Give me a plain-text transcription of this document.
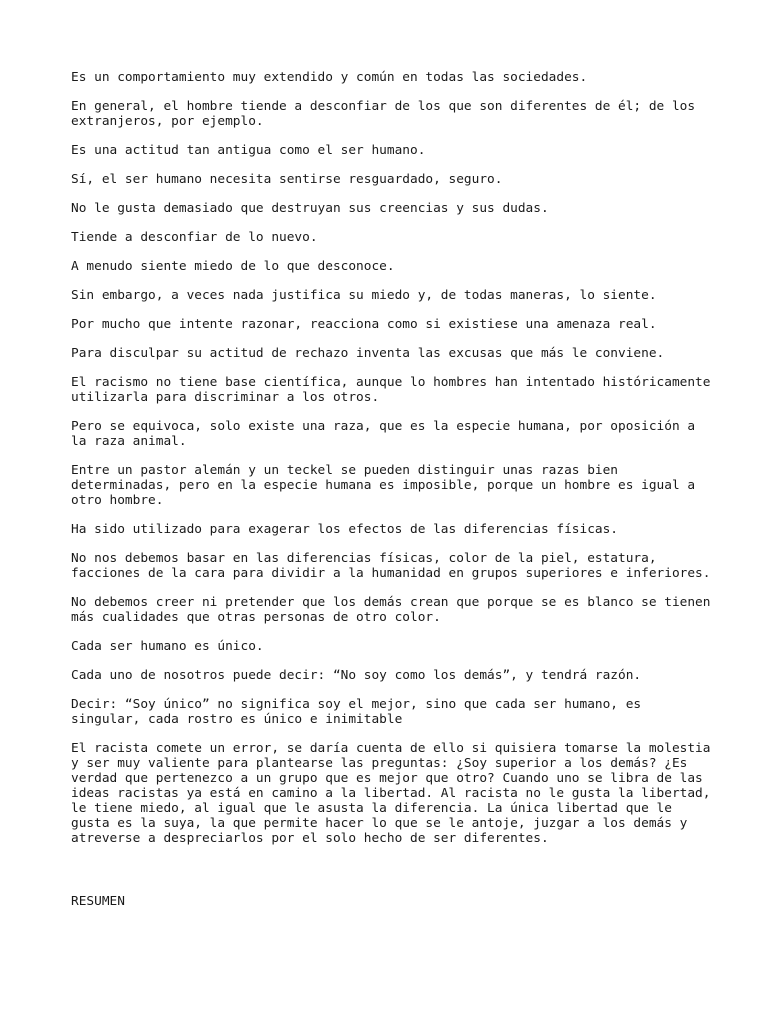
Es un comportamiento muy extendido y común en todas las sociedades.

En general, el hombre tiende a desconfiar de los que son diferentes de él; de los
extranjeros, por ejemplo.

Es una actitud tan antigua como el ser humano.

Sí, el ser humano necesita sentirse resguardado, seguro.

No le gusta demasiado que destruyan sus creencias y sus dudas.

Tiende a desconfiar de lo nuevo.

A menudo siente miedo de lo que desconoce.

Sin embargo, a veces nada justifica su miedo y, de todas maneras, lo siente.

Por mucho que intente razonar, reacciona como si existiese una amenaza real.

Para disculpar su actitud de rechazo inventa las excusas que más le conviene.

El racismo no tiene base científica, aunque lo hombres han intentado históricamente
utilizarla para discriminar a los otros.

Pero se equivoca, solo existe una raza, que es la especie humana, por oposición a
la raza animal.

Entre un pastor alemán y un teckel se pueden distinguir unas razas bien
determinadas, pero en la especie humana es imposible, porque un hombre es igual a
otro hombre.

Ha sido utilizado para exagerar los efectos de las diferencias físicas.

No nos debemos basar en las diferencias físicas, color de la piel, estatura,
facciones de la cara para dividir a la humanidad en grupos superiores e inferiores.

No debemos creer ni pretender que los demás crean que porque se es blanco se tienen
más cualidades que otras personas de otro color.

Cada ser humano es único.

Cada uno de nosotros puede decir: “No soy como los demás”, y tendrá razón.

Decir: “Soy único” no significa soy el mejor, sino que cada ser humano, es
singular, cada rostro es único e inimitable

El racista comete un error, se daría cuenta de ello si quisiera tomarse la molestia
y ser muy valiente para plantearse las preguntas: ¿Soy superior a los demás? ¿Es
verdad que pertenezco a un grupo que es mejor que otro? Cuando uno se libra de las
ideas racistas ya está en camino a la libertad. Al racista no le gusta la libertad,
le tiene miedo, al igual que le asusta la diferencia. La única libertad que le
gusta es la suya, la que permite hacer lo que se le antoje, juzgar a los demás y
atreverse a despreciarlos por el solo hecho de ser diferentes.

RESUMEN
